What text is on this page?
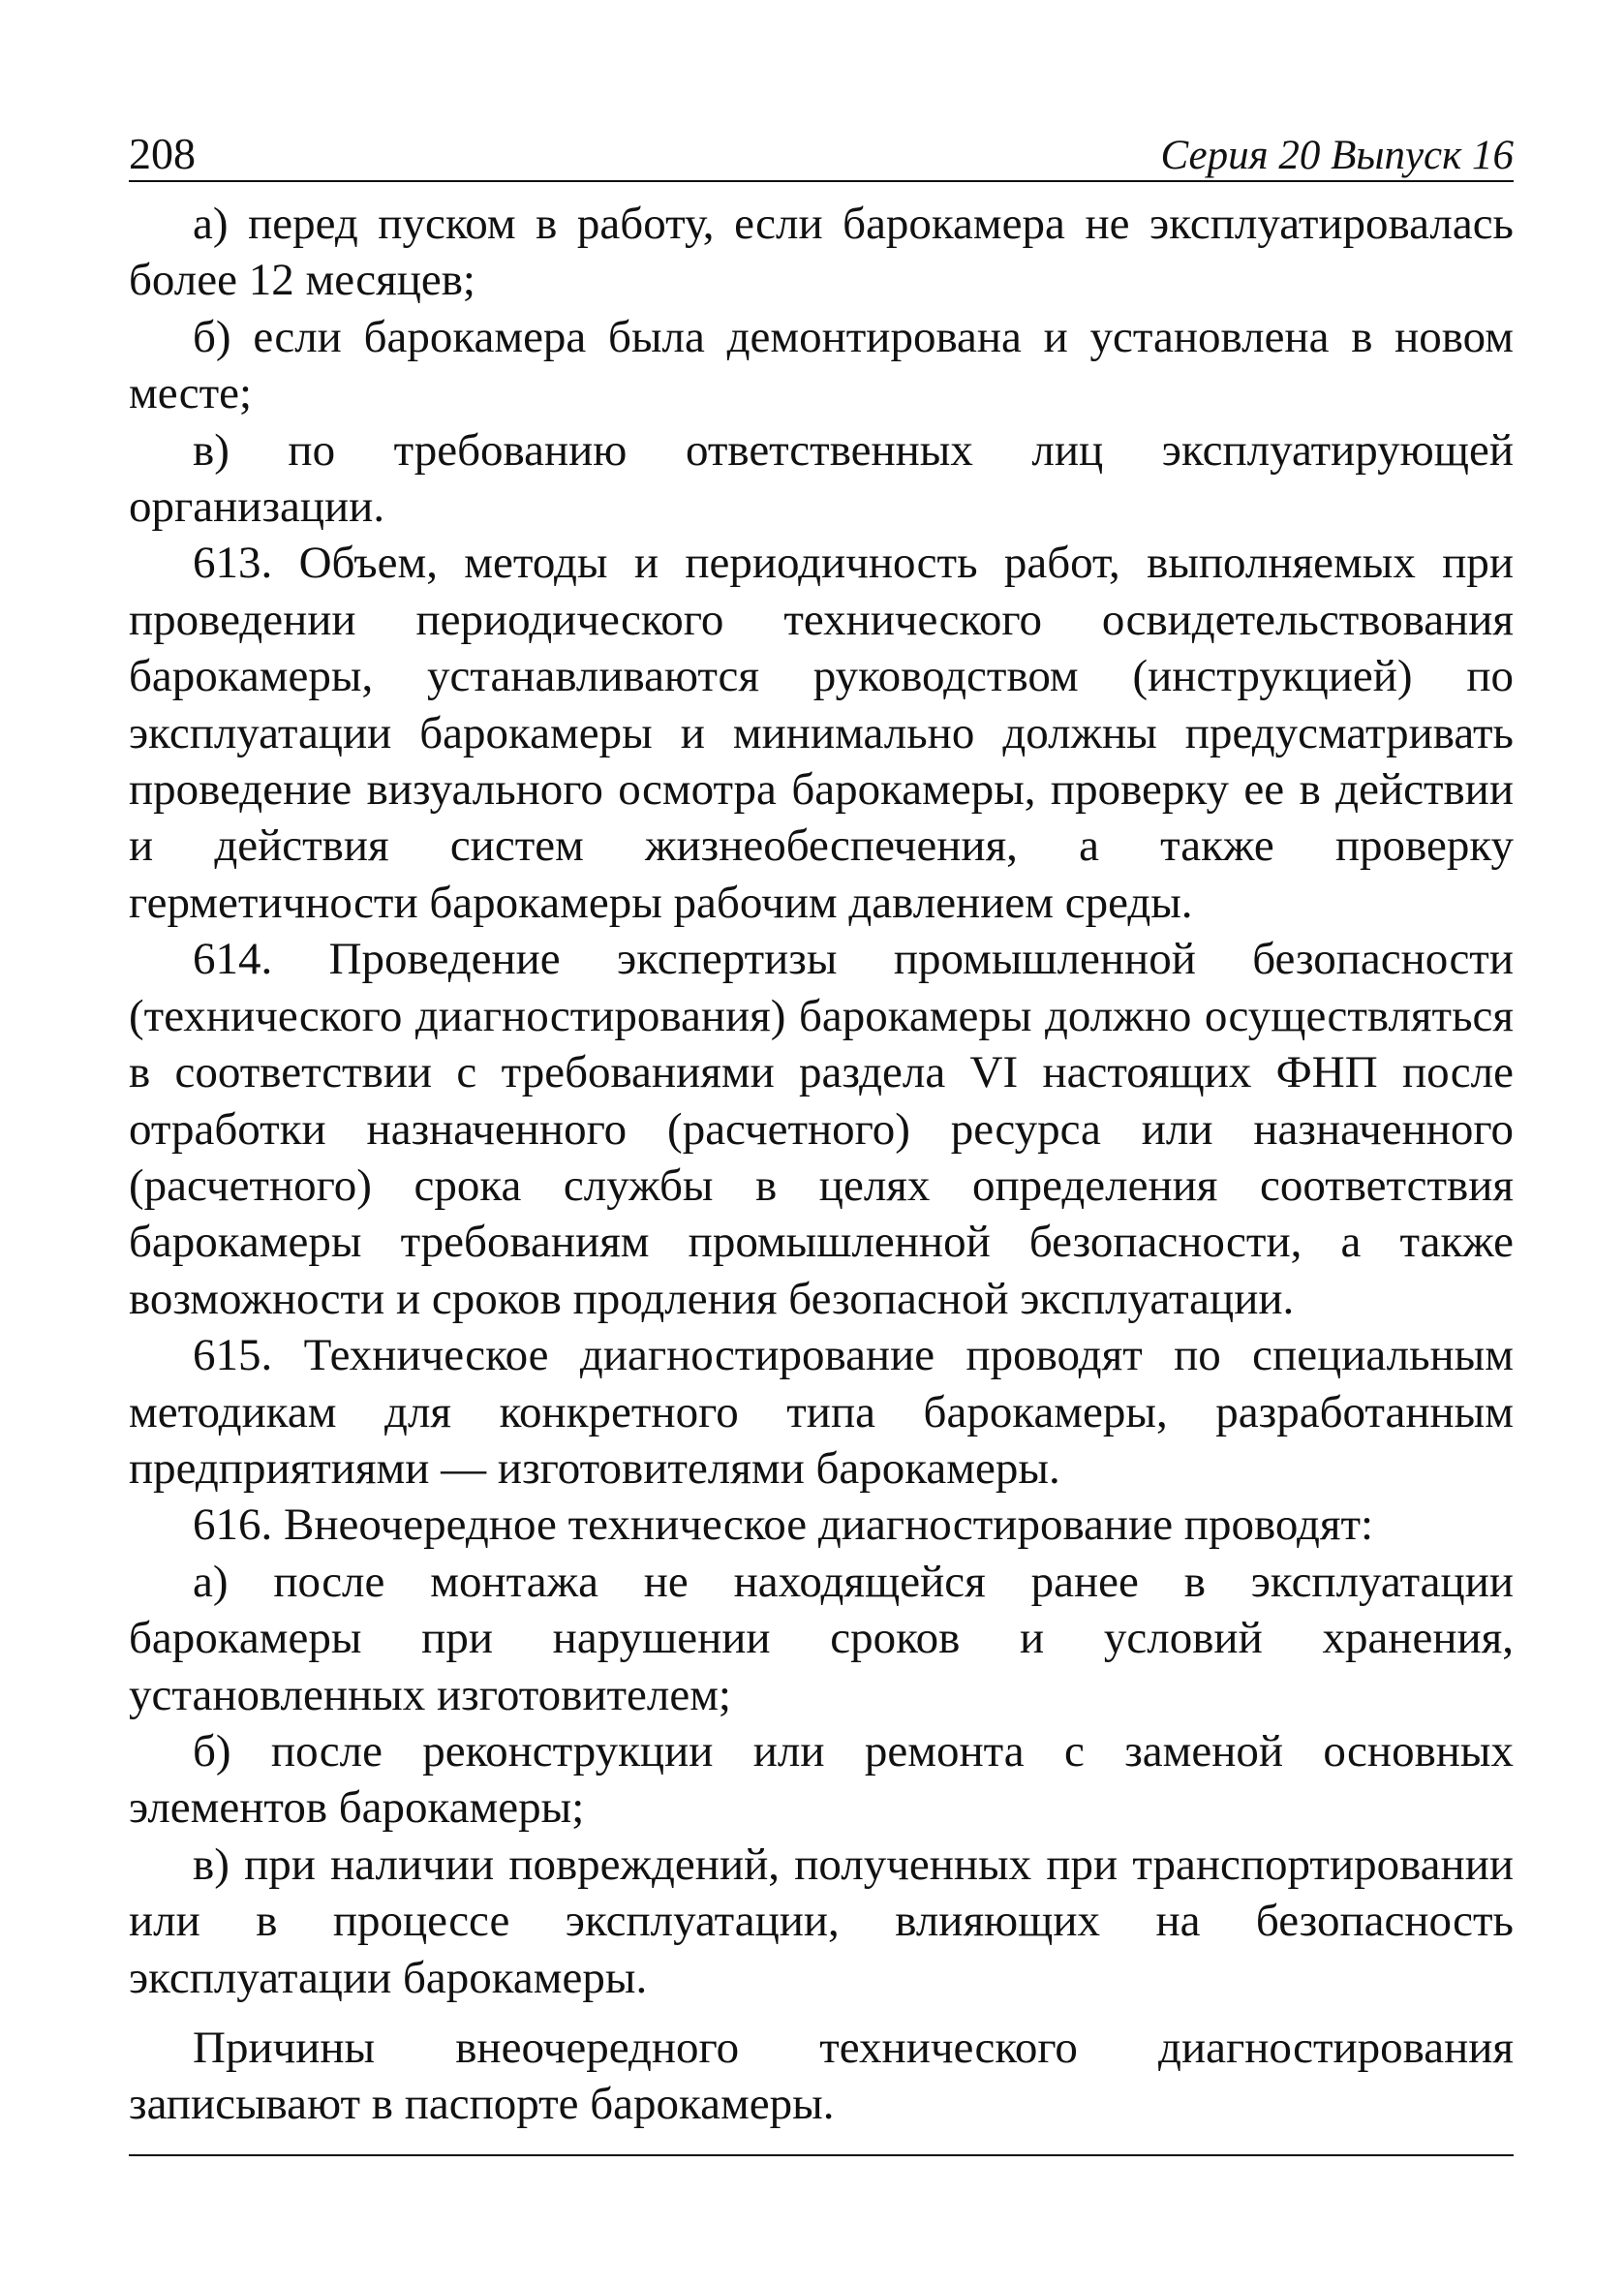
208	Серия 20 Выпуск 16

а) перед пуском в работу, если барокамера не эксплуатировалась более 12 месяцев;

б) если барокамера была демонтирована и установлена в новом месте;

в) по требованию ответственных лиц эксплуатирующей организации.

613. Объем, методы и периодичность работ, выполняемых при проведении периодического технического освидетельствования барокамеры, устанавливаются руководством (инструкцией) по эксплуатации барокамеры и минимально должны предусматривать проведение визуального осмотра барокамеры, проверку ее в действии и действия систем жизнеобеспечения, а также проверку герметичности барокамеры рабочим давлением среды.

614. Проведение экспертизы промышленной безопасности (технического диагностирования) барокамеры должно осуществляться в соответствии с требованиями раздела VI настоящих ФНП после отработки назначенного (расчетного) ресурса или назначенного (расчетного) срока службы в целях определения соответствия барокамеры требованиям промышленной безопасности, а также возможности и сроков продления безопасной эксплуатации.

615. Техническое диагностирование проводят по специальным методикам для конкретного типа барокамеры, разработанным предприятиями — изготовителями барокамеры.

616. Внеочередное техническое диагностирование проводят:

а) после монтажа не находящейся ранее в эксплуатации барокамеры при нарушении сроков и условий хранения, установленных изготовителем;

б) после реконструкции или ремонта с заменой основных элементов барокамеры;

в) при наличии повреждений, полученных при транспортировании или в процессе эксплуатации, влияющих на безопасность эксплуатации барокамеры.

Причины внеочередного технического диагностирования записывают в паспорте барокамеры.
